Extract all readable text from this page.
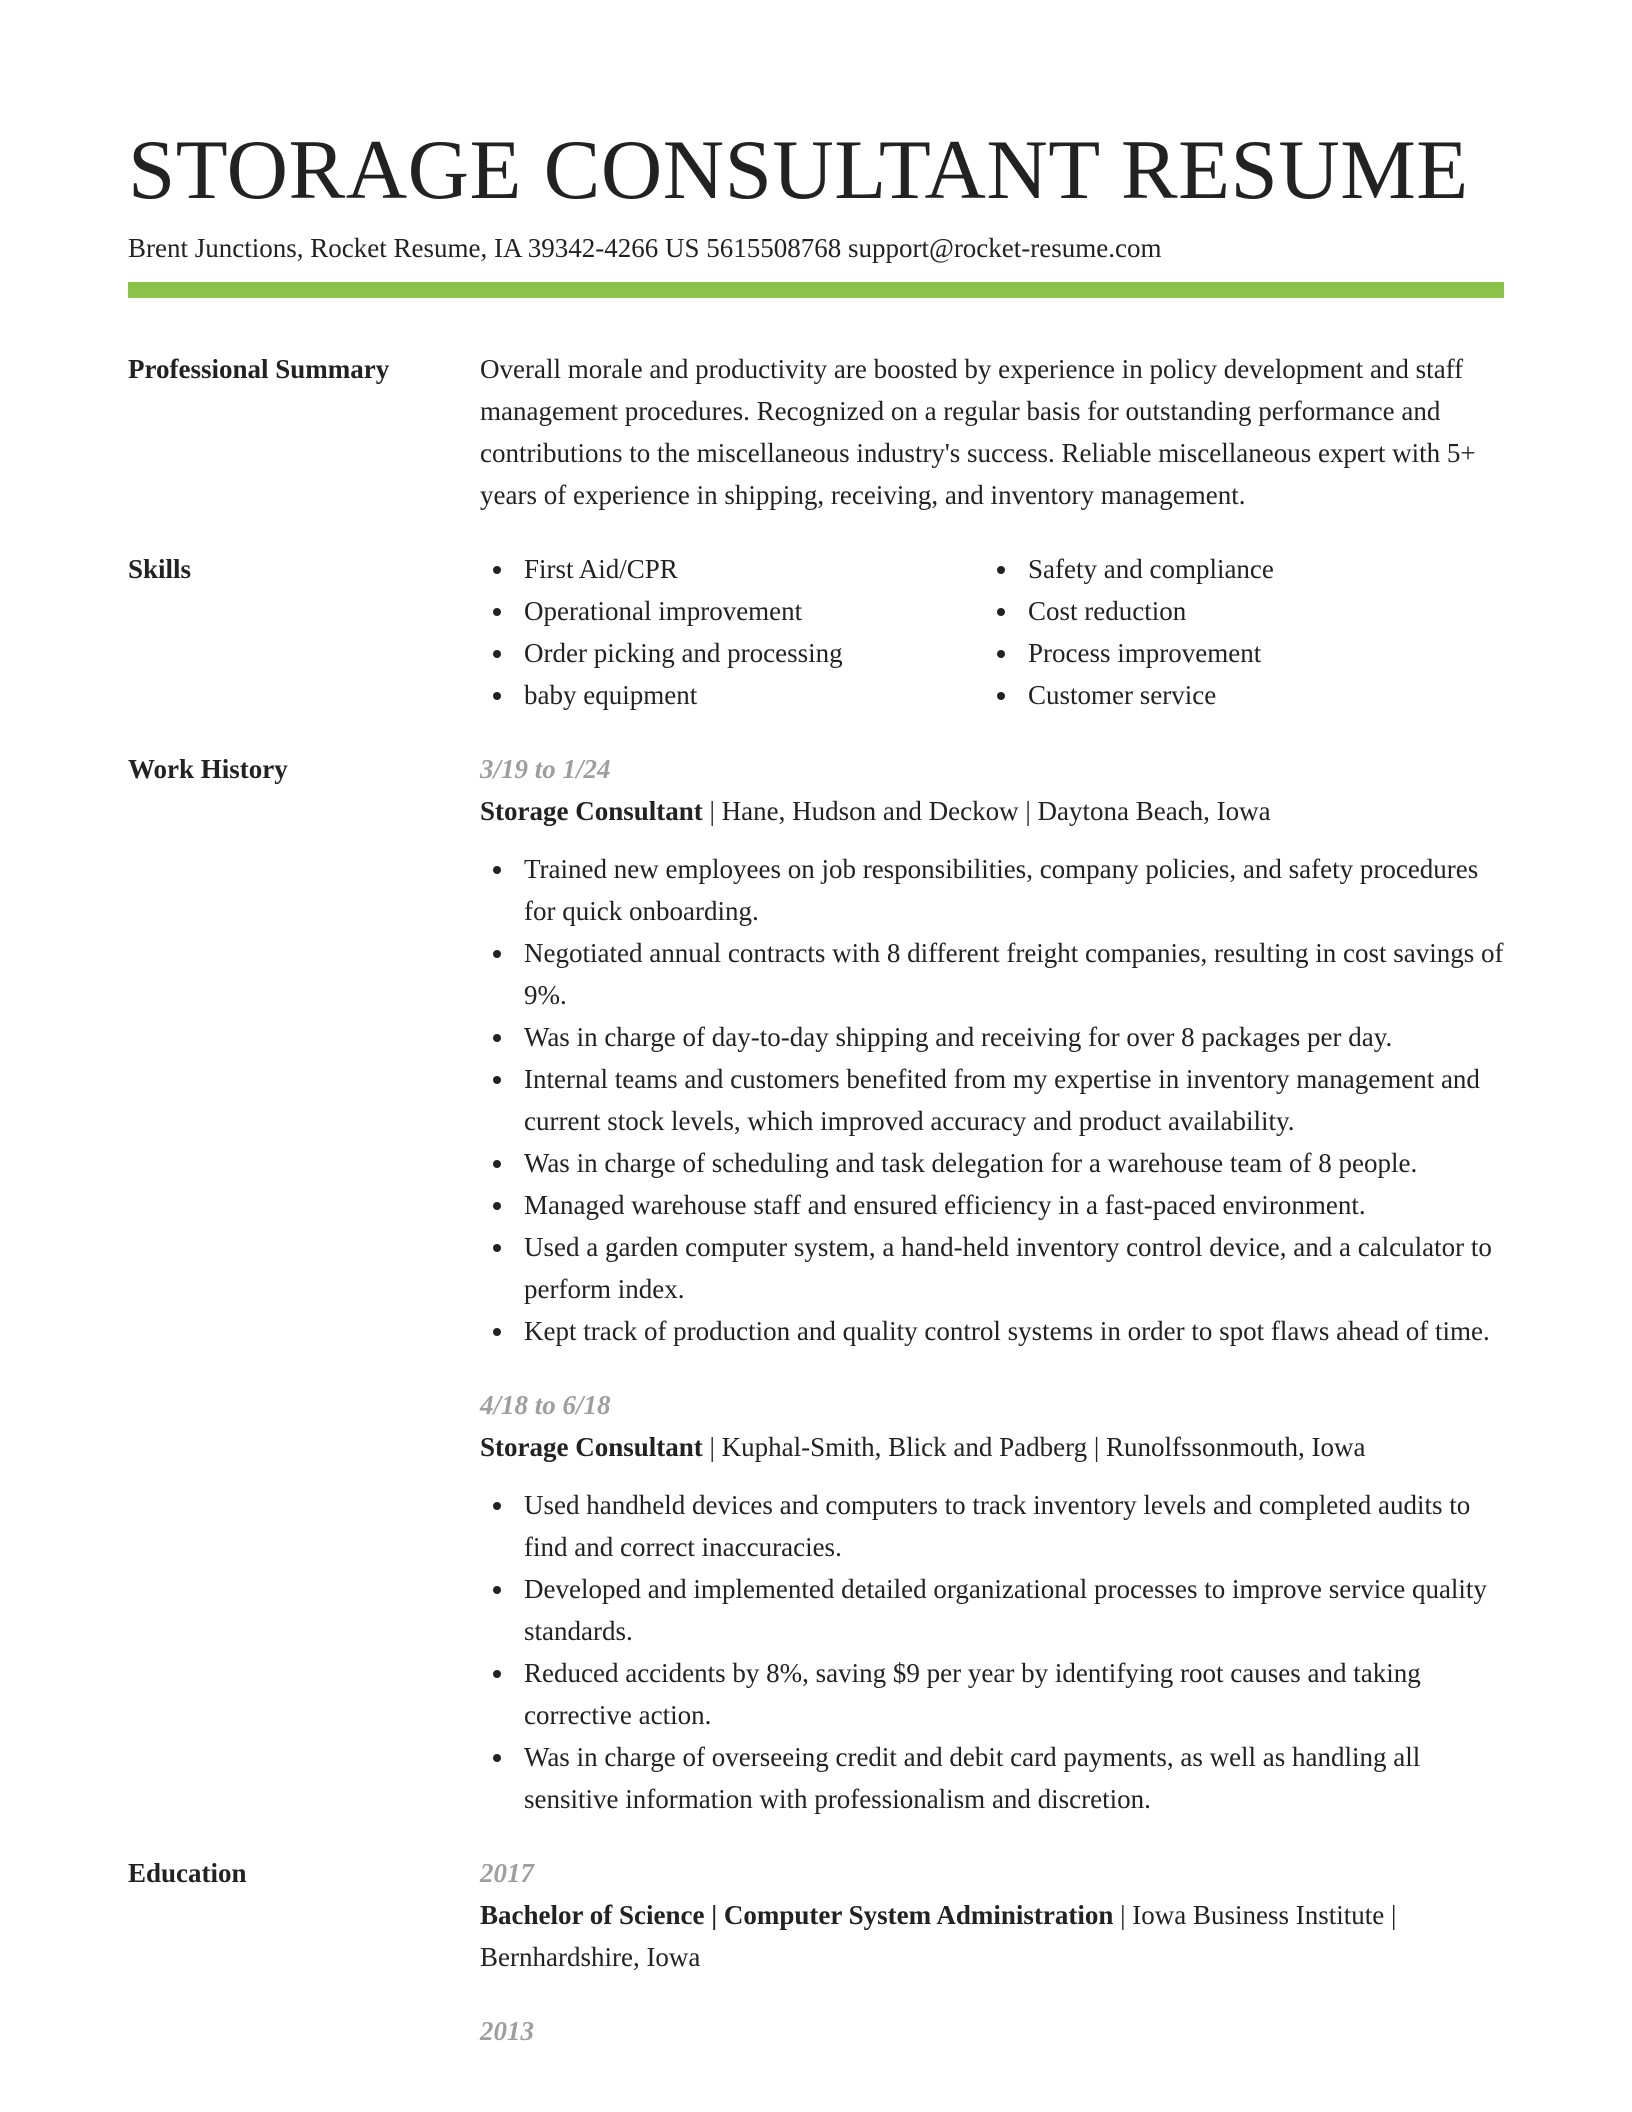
STORAGE CONSULTANT RESUME
Brent Junctions, Rocket Resume, IA 39342-4266 US 5615508768 support@rocket-resume.com
Professional Summary	Overall morale and productivity are boosted by experience in policy development and staff management procedures. Recognized on a regular basis for outstanding performance and contributions to the miscellaneous industry's success. Reliable miscellaneous expert with 5+ years of experience in shipping, receiving, and inventory management.

Skills	First Aid/CPR
Operational improvement
Order picking and processing
baby equipment
Safety and compliance
Cost reduction
Process improvement
Customer service
Work History	3/19 to 1/24
Storage Consultant | Hane, Hudson and Deckow | Daytona Beach, Iowa
Trained new employees on job responsibilities, company policies, and safety procedures for quick onboarding.
Negotiated annual contracts with 8 different freight companies, resulting in cost savings of 9%.
Was in charge of day-to-day shipping and receiving for over 8 packages per day.
Internal teams and customers benefited from my expertise in inventory management and current stock levels, which improved accuracy and product availability.
Was in charge of scheduling and task delegation for a warehouse team of 8 people.
Managed warehouse staff and ensured efficiency in a fast-paced environment.
Used a garden computer system, a hand-held inventory control device, and a calculator to perform index.
Kept track of production and quality control systems in order to spot flaws ahead of time.
4/18 to 6/18
Storage Consultant | Kuphal-Smith, Blick and Padberg | Runolfssonmouth, Iowa
Used handheld devices and computers to track inventory levels and completed audits to find and correct inaccuracies.
Developed and implemented detailed organizational processes to improve service quality standards.
Reduced accidents by 8%, saving $9 per year by identifying root causes and taking corrective action.
Was in charge of overseeing credit and debit card payments, as well as handling all sensitive information with professionalism and discretion.
Education	2017
Bachelor of Science | Computer System Administration | Iowa Business Institute | Bernhardshire, Iowa
2013
